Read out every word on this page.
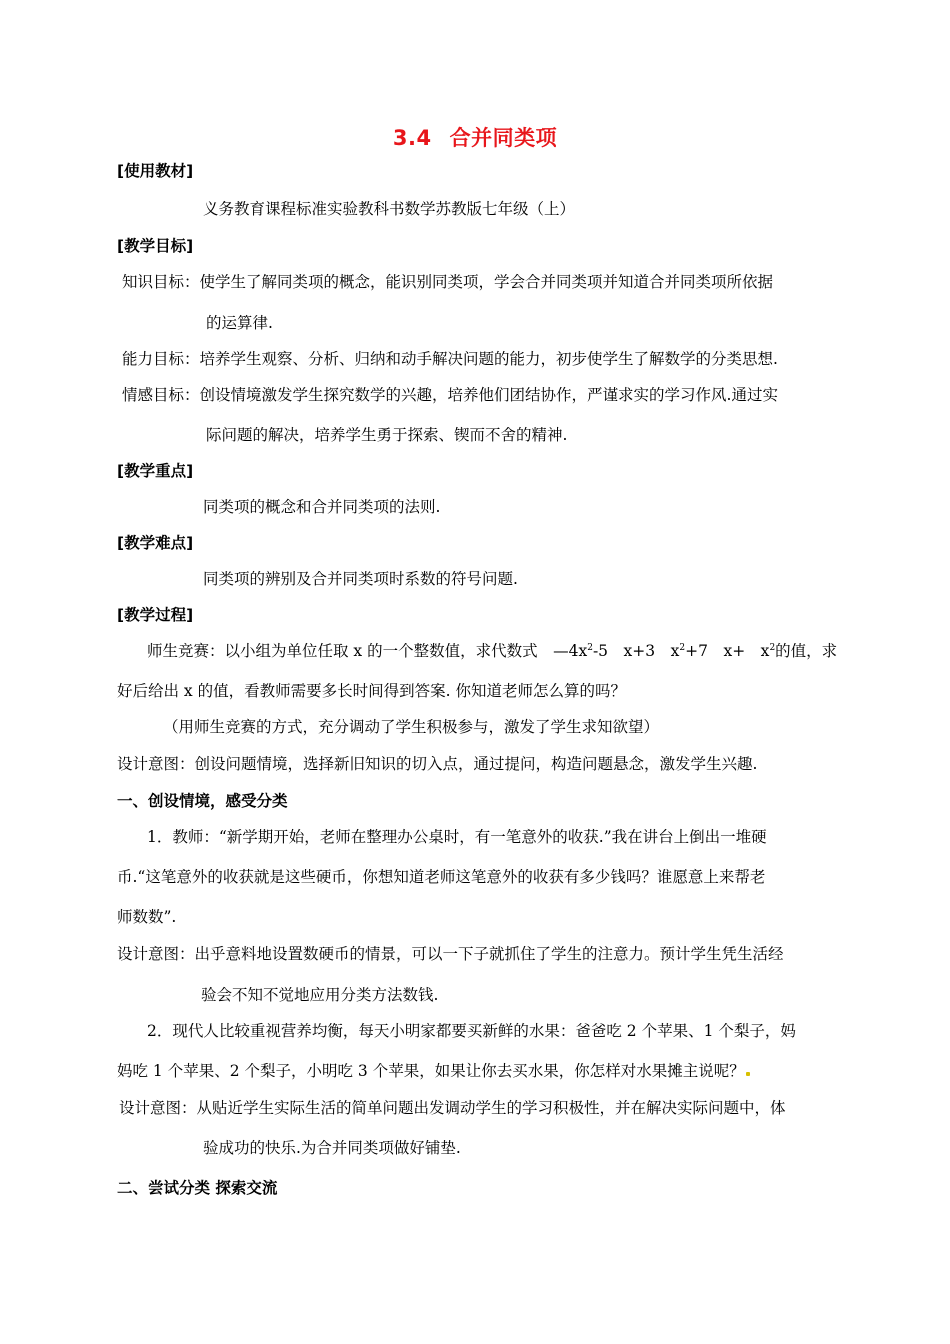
3.4 合并同类项
[使用教材]
义务教育课程标准实验教科书数学苏教版七年级（上）
[教学目标]
知识目标：使学生了解同类项的概念，能识别同类项，学会合并同类项并知道合并同类项所依据
的运算律.
能力目标：培养学生观察、分析、归纳和动手解决问题的能力，初步使学生了解数学的分类思想.
情感目标：创设情境激发学生探究数学的兴趣，培养他们团结协作，严谨求实的学习作风.通过实
际问题的解决，培养学生勇于探索、锲而不舍的精神.
[教学重点]
同类项的概念和合并同类项的法则.
[教学难点]
同类项的辨别及合并同类项时系数的符号问题.
[教学过程]
师生竞赛：以小组为单位任取 x 的一个整数值，求代数式　$—4x^2-5$　x+3　$x^2+7$　x+　$x^2$的值，求
好后给出 x 的值，看教师需要多长时间得到答案. 你知道老师怎么算的吗？
（用师生竞赛的方式，充分调动了学生积极参与，激发了学生求知欲望）
设计意图：创设问题情境，选择新旧知识的切入点，通过提问，构造问题悬念，激发学生兴趣.
一、创设情境，感受分类
1．教师：“新学期开始，老师在整理办公桌时，有一笔意外的收获.”我在讲台上倒出一堆硬
币.“这笔意外的收获就是这些硬币，你想知道老师这笔意外的收获有多少钱吗？谁愿意上来帮老
师数数”.
设计意图：出乎意料地设置数硬币的情景，可以一下子就抓住了学生的注意力。预计学生凭生活经
验会不知不觉地应用分类方法数钱.
2．现代人比较重视营养均衡，每天小明家都要买新鲜的水果：爸爸吃 2 个苹果、1 个梨子，妈
妈吃 1 个苹果、2 个梨子，小明吃 3 个苹果，如果让你去买水果，你怎样对水果摊主说呢？
设计意图：从贴近学生实际生活的简单问题出发调动学生的学习积极性，并在解决实际问题中，体
验成功的快乐.为合并同类项做好铺垫.
二、尝试分类 探索交流
